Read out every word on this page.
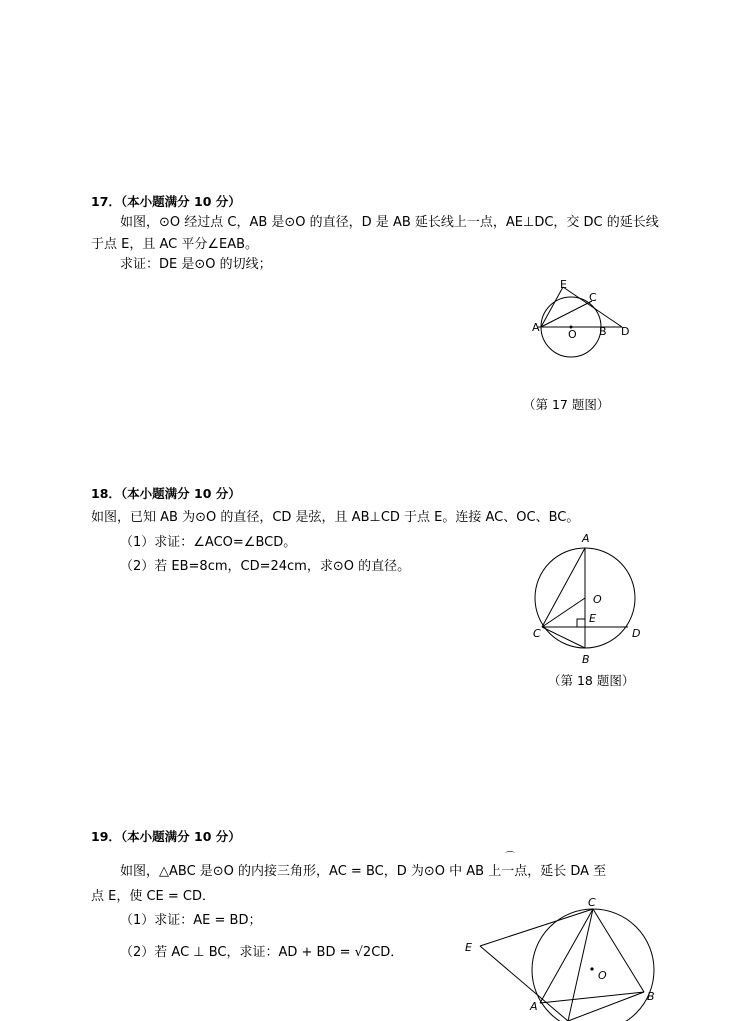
17．（本小题满分 10 分）
如图，⊙O 经过点 C，AB 是⊙O 的直径，D 是 AB 延长线上一点，AE⊥DC，交 DC 的延长线
于点 E，且 AC 平分∠EAB。
求证：DE 是⊙O 的切线；
E
C
A
O B D
（第 17 题图）
18．（本小题满分 10 分）
如图，已知 AB 为⊙O 的直径，CD 是弦，且 AB⊥CD 于点 E。连接 AC、OC、BC。
（1）求证：∠ACO=∠BCD。
（2）若 EB=8cm，CD=24cm，求⊙O 的直径。
A
O
E
C	D
B
（第 18 题图）
19．（本小题满分 10 分）
⌒
如图，△ABC 是⊙O 的内接三角形，AC = BC，D 为⊙O 中 AB 上一点，延长 DA 至
点 E，使 CE = CD．
（1）求证：AE = BD；
（2）若 AC ⊥ BC，求证：AD + BD = √2CD．
C
E
O
A
B
